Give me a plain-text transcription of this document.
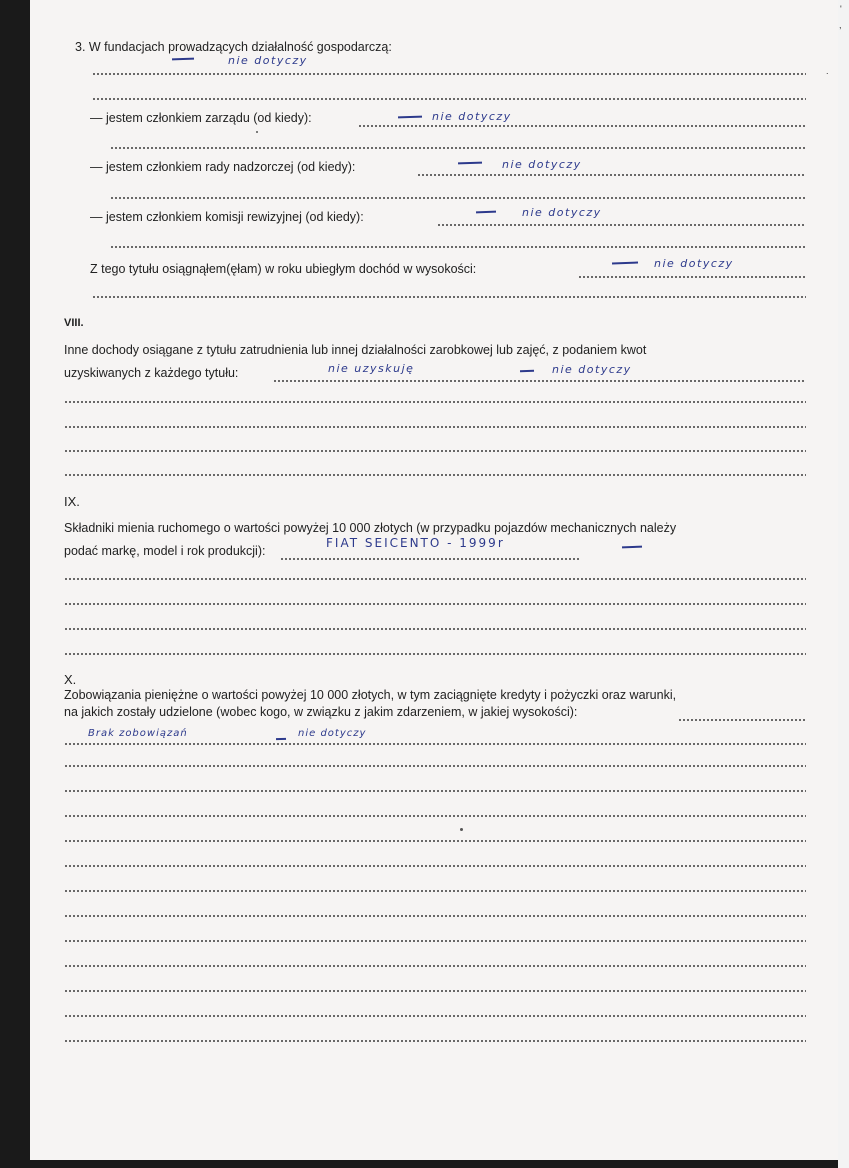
3. W fundacjach prowadzących działalność gospodarczą:
nie dotyczy
— jestem członkiem zarządu (od kiedy):	nie dotyczy
— jestem członkiem rady nadzorczej (od kiedy):	nie dotyczy
— jestem członkiem komisji rewizyjnej (od kiedy):	nie dotyczy
Z tego tytułu osiągnąłem(ęłam) w roku ubiegłym dochód w wysokości:	nie dotyczy
VIII.
Inne dochody osiągane z tytułu zatrudnienia lub innej działalności zarobkowej lub zajęć, z podaniem kwot
uzyskiwanych z każdego tytułu:	nie uzyskuję	nie dotyczy
IX.
Składniki mienia ruchomego o wartości powyżej 10 000 złotych (w przypadku pojazdów mechanicznych należy
podać markę, model i rok produkcji):
FIAT SEICENTO - 1999r
X.
Zobowiązania pieniężne o wartości powyżej 10 000 złotych, w tym zaciągnięte kredyty i pożyczki oraz warunki,
na jakich zostały udzielone (wobec kogo, w związku z jakim zdarzeniem, w jakiej wysokości):
Brak zobowiązań	nie dotyczy
'
,
.
